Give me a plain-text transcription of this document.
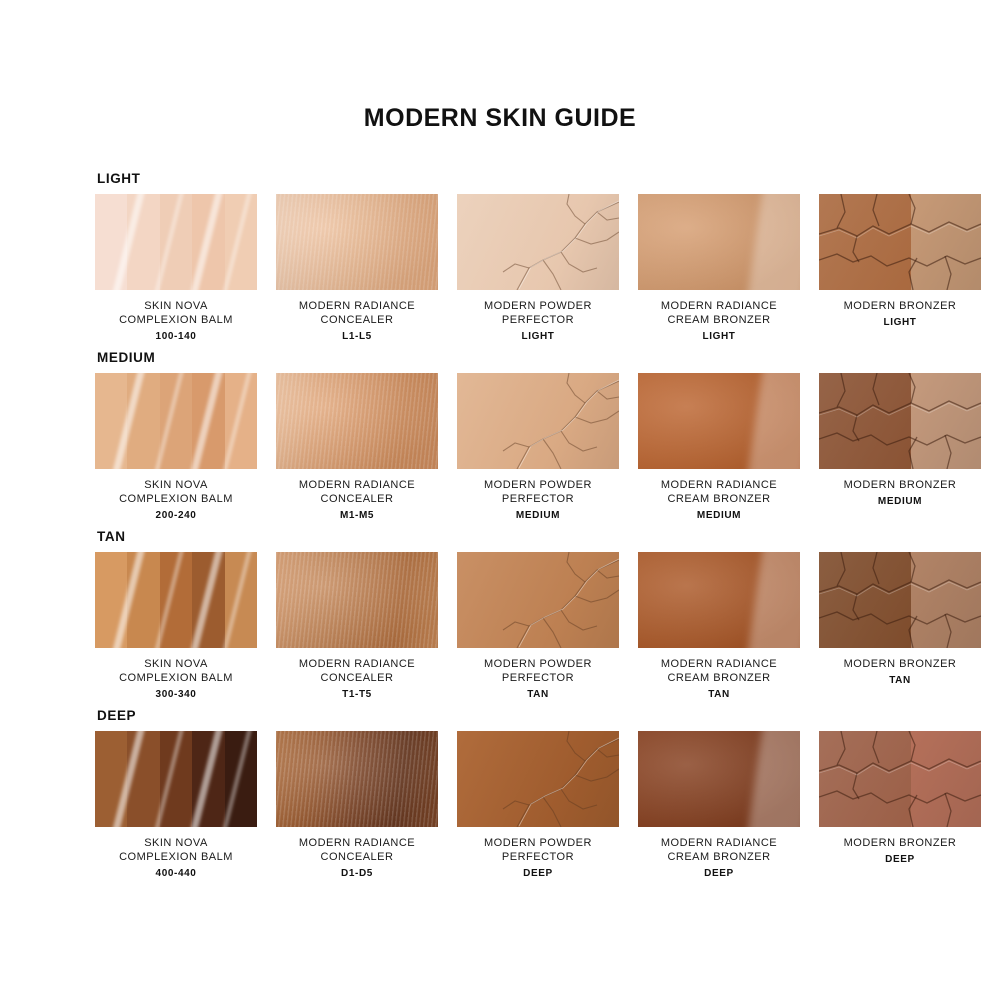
MODERN SKIN GUIDE
LIGHT
SKIN NOVA
COMPLEXION BALM
100-140
MODERN RADIANCE
CONCEALER
L1-L5
MODERN POWDER
PERFECTOR
LIGHT
MODERN RADIANCE
CREAM BRONZER
LIGHT
MODERN BRONZER
LIGHT
MEDIUM
SKIN NOVA
COMPLEXION BALM
200-240
MODERN RADIANCE
CONCEALER
M1-M5
MODERN POWDER
PERFECTOR
MEDIUM
MODERN RADIANCE
CREAM BRONZER
MEDIUM
MODERN BRONZER
MEDIUM
TAN
SKIN NOVA
COMPLEXION BALM
300-340
MODERN RADIANCE
CONCEALER
T1-T5
MODERN POWDER
PERFECTOR
TAN
MODERN RADIANCE
CREAM BRONZER
TAN
MODERN BRONZER
TAN
DEEP
SKIN NOVA
COMPLEXION BALM
400-440
MODERN RADIANCE
CONCEALER
D1-D5
MODERN POWDER
PERFECTOR
DEEP
MODERN RADIANCE
CREAM BRONZER
DEEP
MODERN BRONZER
DEEP
